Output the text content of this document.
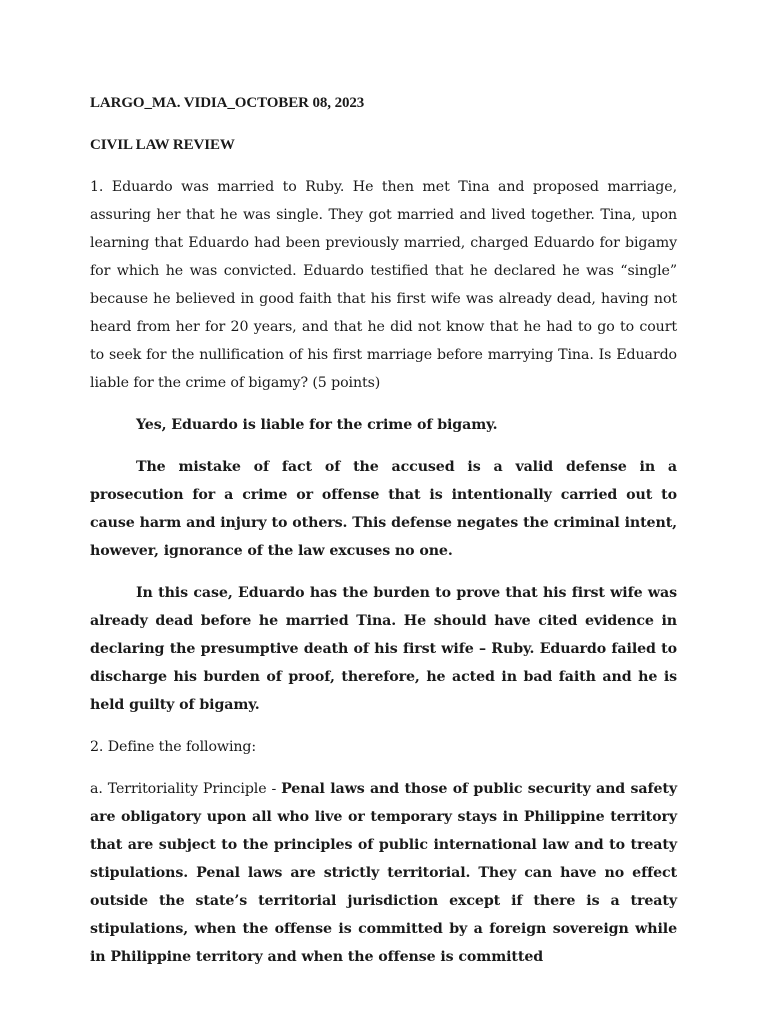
LARGO_MA. VIDIA_OCTOBER 08, 2023

CIVIL LAW REVIEW

1. Eduardo was married to Ruby. He then met Tina and proposed marriage, assuring her that he was single. They got married and lived together. Tina, upon learning that Eduardo had been previously married, charged Eduardo for bigamy for which he was convicted. Eduardo testified that he declared he was “single” because he believed in good faith that his first wife was already dead, having not heard from her for 20 years, and that he did not know that he had to go to court to seek for the nullification of his first marriage before marrying Tina. Is Eduardo liable for the crime of bigamy? (5 points)

Yes, Eduardo is liable for the crime of bigamy.

The mistake of fact of the accused is a valid defense in a prosecution for a crime or offense that is intentionally carried out to cause harm and injury to others. This defense negates the criminal intent, however, ignorance of the law excuses no one.

In this case, Eduardo has the burden to prove that his first wife was already dead before he married Tina. He should have cited evidence in declaring the presumptive death of his first wife – Ruby. Eduardo failed to discharge his burden of proof, therefore, he acted in bad faith and he is held guilty of bigamy.

2. Define the following:

a. Territoriality Principle - Penal laws and those of public security and safety are obligatory upon all who live or temporary stays in Philippine territory that are subject to the principles of public international law and to treaty stipulations. Penal laws are strictly territorial. They can have no effect outside the state’s territorial jurisdiction except if there is a treaty stipulations, when the offense is committed by a foreign sovereign while in Philippine territory and when the offense is committed
